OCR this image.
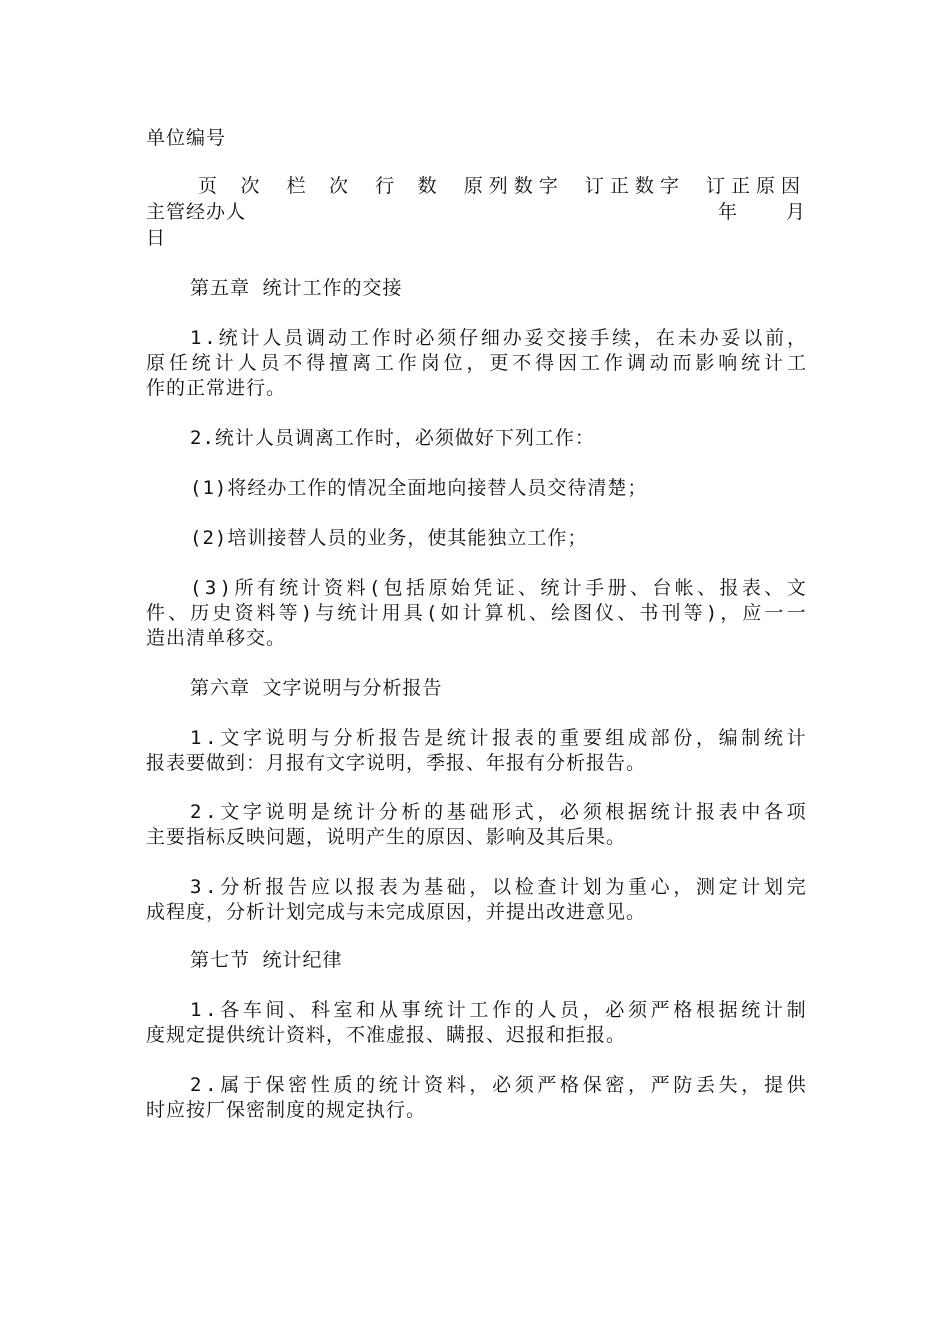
单位编号
页 次 栏 次 行 数 原列数字 订正数字 订正原因
主管经办人	年	月
日
第五章 统计工作的交接
1 . 统 计 人 员 调 动 工 作 时 必 须 仔 细 办 妥 交 接 手 续 ， 在 未 办 妥 以 前 ，
原 任 统 计 人 员 不 得 擅 离 工 作 岗 位 ， 更 不 得 因 工 作 调 动 而 影 响 统 计 工
作的正常进行。
2.统计人员调离工作时，必须做好下列工作：
(1)将经办工作的情况全面地向接替人员交待清楚；
(2)培训接替人员的业务，使其能独立工作；
( 3 ) 所 有 统 计 资 料 ( 包 括 原 始 凭 证 、 统 计 手 册 、 台 帐 、 报 表 、 文
件 、 历 史 资 料 等 ) 与 统 计 用 具 ( 如 计 算 机 、 绘 图 仪 、 书 刊 等 ) ， 应 一 一
造出清单移交。
第六章 文字说明与分析报告
1 . 文 字 说 明 与 分 析 报 告 是 统 计 报 表 的 重 要 组 成 部 份 ， 编 制 统 计
报表要做到：月报有文字说明，季报、年报有分析报告。
2 . 文 字 说 明 是 统 计 分 析 的 基 础 形 式 ， 必 须 根 据 统 计 报 表 中 各 项
主要指标反映问题，说明产生的原因、影响及其后果。
3 . 分 析 报 告 应 以 报 表 为 基 础 ， 以 检 查 计 划 为 重 心 ， 测 定 计 划 完
成程度，分析计划完成与未完成原因，并提出改进意见。
第七节 统计纪律
1 . 各 车 间 、 科 室 和 从 事 统 计 工 作 的 人 员 ， 必 须 严 格 根 据 统 计 制
度规定提供统计资料，不准虚报、瞒报、迟报和拒报。
2 . 属 于 保 密 性 质 的 统 计 资 料 ， 必 须 严 格 保 密 ， 严 防 丢 失 ， 提 供
时应按厂保密制度的规定执行。
